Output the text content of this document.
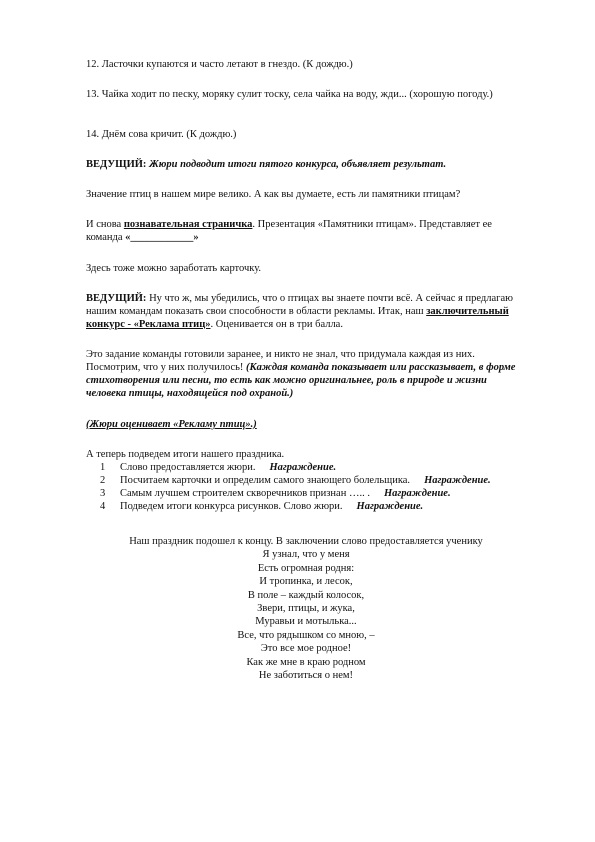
12. Ласточки купаются и часто летают в гнездо. (К дождю.)

13. Чайка ходит по песку, моряку сулит тоску, села чайка на воду, жди... (хорошую погоду.)

14. Днём сова кричит. (К дождю.)

ВЕДУЩИЙ: Жюри подводит итоги пятого конкурса, объявляет результат.

Значение птиц в нашем мире велико. А как вы думаете, есть ли памятники птицам?

И снова познавательная страничка. Презентация «Памятники птицам». Представляет ее команда «____________»

Здесь тоже можно заработать карточку.

ВЕДУЩИЙ: Ну что ж, мы убедились, что о птицах вы знаете почти всё. А сейчас я предлагаю нашим командам показать свои способности в области рекламы. Итак, наш заключительный конкурс - «Реклама птиц». Оценивается он в три балла.

Это задание команды готовили заранее, и никто не знал, что придумала каждая из них. Посмотрим, что у них получилось! (Каждая команда показывает или рассказывает, в форме стихотворения или песни, то есть как можно оригинальнее, роль в природе и жизни человека птицы, находящейся под охраной.)

(Жюри оценивает «Рекламу птиц».)

А теперь подведем итоги нашего праздника.

1	Слово предоставляется жюри. Награждение.
2	Посчитаем карточки и определим самого знающего болельщика. Награждение.
3	Самым лучшем строителем скворечников признан ….. . Награждение.
4	Подведем итоги конкурса рисунков. Слово жюри. Награждение.
Наш праздник подошел к концу. В заключении слово предоставляется ученику
Я узнал, что у меня
Есть огромная родня:
И тропинка, и лесок,
В поле – каждый колосок,
Звери, птицы, и жука,
Муравьи и мотылька...
Все, что рядышком со мною, –
Это все мое родное!
Как же мне в краю родном
Не заботиться о нем!
